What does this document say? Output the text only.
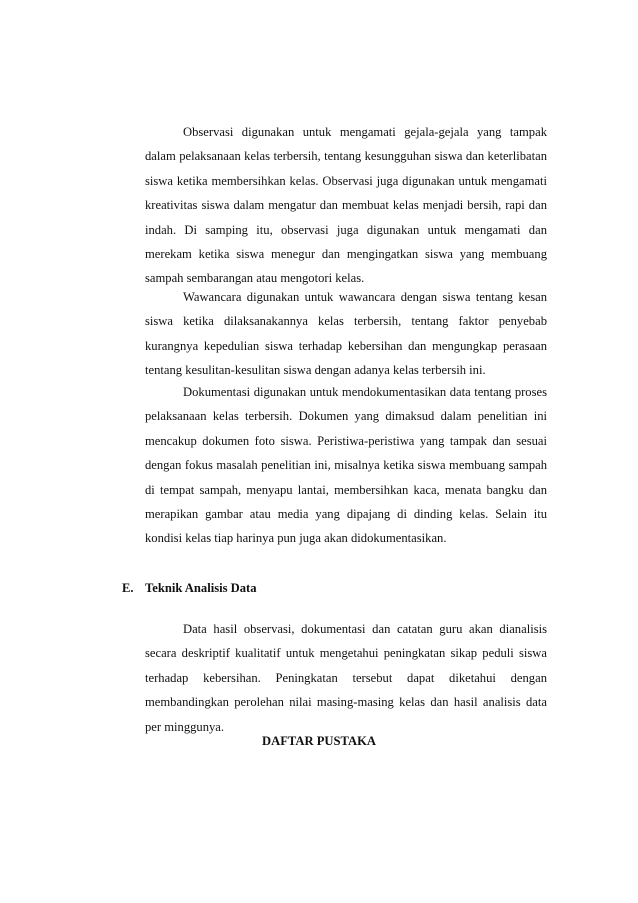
Observasi digunakan untuk mengamati gejala-gejala yang tampak dalam pelaksanaan kelas terbersih, tentang kesungguhan siswa dan keterlibatan siswa ketika membersihkan kelas. Observasi juga digunakan untuk mengamati kreativitas siswa dalam mengatur dan membuat kelas menjadi bersih, rapi dan indah. Di samping itu, observasi juga digunakan untuk mengamati dan merekam ketika siswa menegur dan mengingatkan siswa yang membuang sampah sembarangan atau mengotori kelas.

Wawancara digunakan untuk wawancara dengan siswa tentang kesan siswa ketika dilaksanakannya kelas terbersih, tentang faktor penyebab kurangnya kepedulian siswa terhadap kebersihan dan mengungkap perasaan tentang kesulitan-kesulitan siswa dengan adanya kelas terbersih ini.

Dokumentasi digunakan untuk mendokumentasikan data tentang proses pelaksanaan kelas terbersih. Dokumen yang dimaksud dalam penelitian ini mencakup dokumen foto siswa. Peristiwa-peristiwa yang tampak dan sesuai dengan fokus masalah penelitian ini, misalnya ketika siswa membuang sampah di tempat sampah, menyapu lantai, membersihkan kaca, menata bangku dan merapikan gambar atau media yang dipajang di dinding kelas. Selain itu kondisi kelas tiap harinya pun juga akan didokumentasikan.

E. Teknik Analisis Data

Data hasil observasi, dokumentasi dan catatan guru akan dianalisis secara deskriptif kualitatif untuk mengetahui peningkatan sikap peduli siswa terhadap kebersihan. Peningkatan tersebut dapat diketahui dengan membandingkan perolehan nilai masing-masing kelas dan hasil analisis data per minggunya.

DAFTAR PUSTAKA
